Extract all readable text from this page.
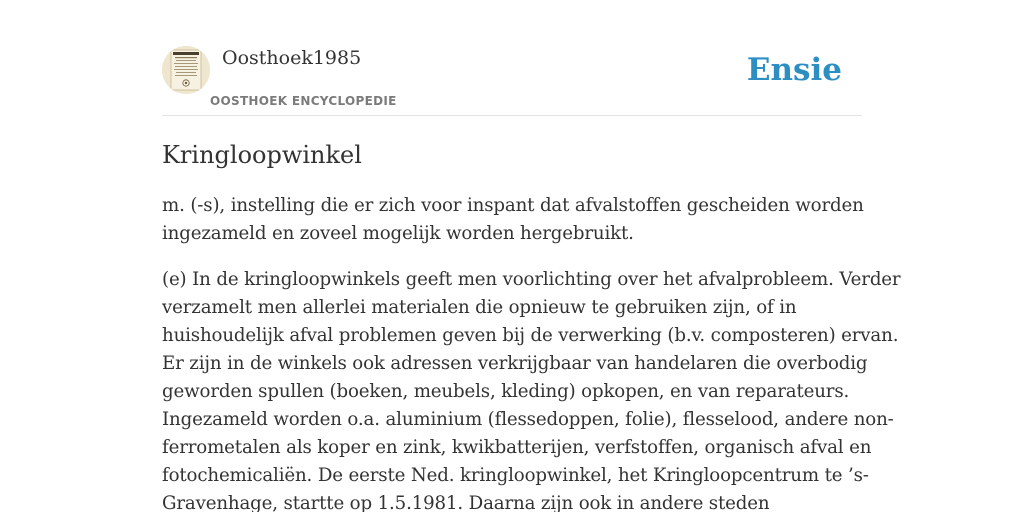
Oosthoek1985
OOSTHOEK ENCYCLOPEDIE
Ensie
Kringloopwinkel

m. (-s), instelling die er zich voor inspant dat afvalstoffen gescheiden worden
ingezameld en zoveel mogelijk worden hergebruikt.

(e) In de kringloopwinkels geeft men voorlichting over het afvalprobleem. Verder
verzamelt men allerlei materialen die opnieuw te gebruiken zijn, of in
huishoudelijk afval problemen geven bij de verwerking (b.v. composteren) ervan.
Er zijn in de winkels ook adressen verkrijgbaar van handelaren die overbodig
geworden spullen (boeken, meubels, kleding) opkopen, en van reparateurs.
Ingezameld worden o.a. aluminium (flessedoppen, folie), flesselood, andere non-
ferrometalen als koper en zink, kwikbatterijen, verfstoffen, organisch afval en
fotochemicaliën. De eerste Ned. kringloopwinkel, het Kringloopcentrum te ’s-
Gravenhage, startte op 1.5.1981. Daarna zijn ook in andere steden
